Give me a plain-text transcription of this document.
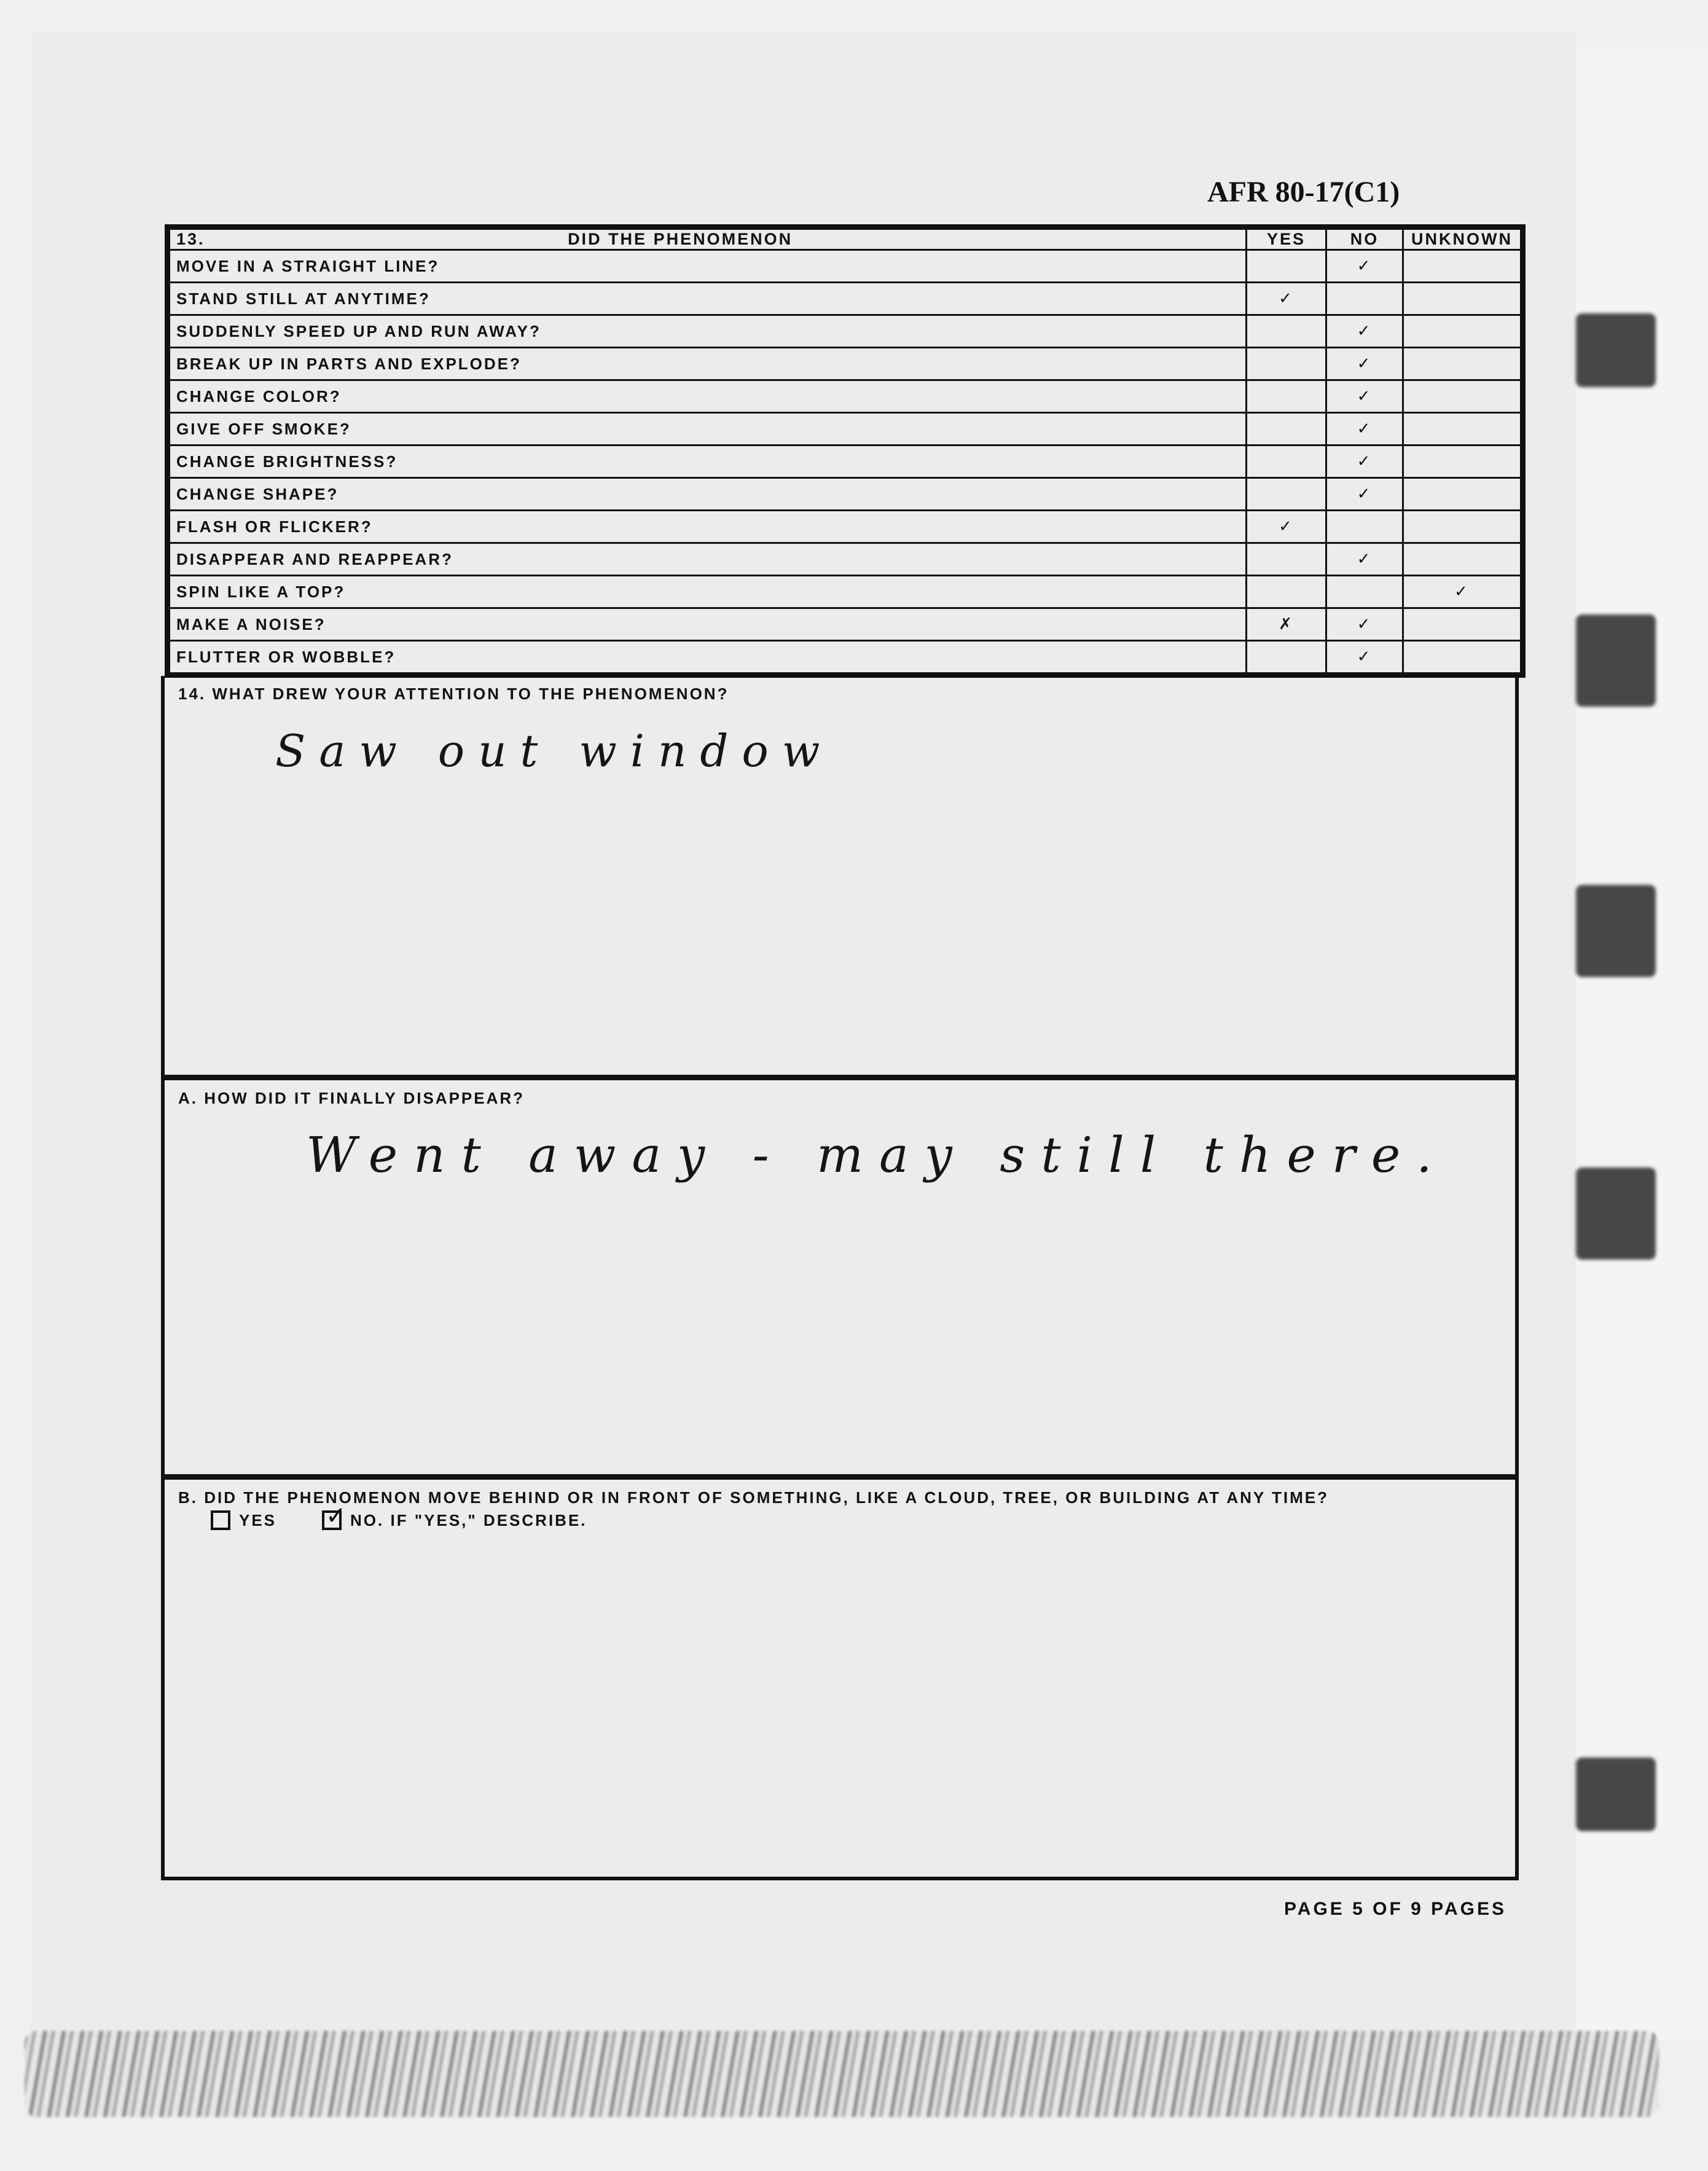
AFR 80-17(C1)
13. DID THE PHENOMENON	YES	NO	UNKNOWN
MOVE IN A STRAIGHT LINE?		✓	
STAND STILL AT ANYTIME?	✓		
SUDDENLY SPEED UP AND RUN AWAY?		✓	
BREAK UP IN PARTS AND EXPLODE?		✓	
CHANGE COLOR?		✓	
GIVE OFF SMOKE?		✓	
CHANGE BRIGHTNESS?		✓	
CHANGE SHAPE?		✓	
FLASH OR FLICKER?	✓		
DISAPPEAR AND REAPPEAR?		✓	
SPIN LIKE A TOP?			✓
MAKE A NOISE?	✗	✓	
FLUTTER OR WOBBLE?		✓	
14. WHAT DREW YOUR ATTENTION TO THE PHENOMENON?
Saw out window
A. HOW DID IT FINALLY DISAPPEAR?
Went away - may still there.
B. DID THE PHENOMENON MOVE BEHIND OR IN FRONT OF SOMETHING, LIKE A CLOUD, TREE, OR BUILDING AT ANY TIME?
YES ✓ NO. IF "YES," DESCRIBE.
PAGE 5 OF 9 PAGES
